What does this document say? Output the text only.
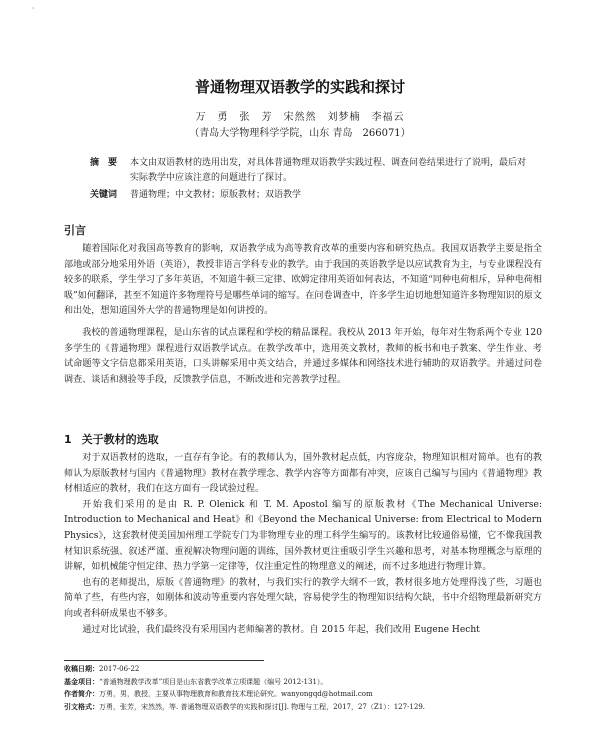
'
普通物理双语教学的实践和探讨
万　勇　张　芳　宋然然　刘梦楠　李福云
（青岛大学物理科学学院，山东 青岛　266071）
摘　要 本文由双语教材的选用出发，对具体普通物理双语教学实践过程、调查问卷结果进行了说明，最后对实际教学中应该注意的问题进行了探讨。
关键词 普通物理；中文教材；原版教材；双语教学
引言

随着国际化对我国高等教育的影响，双语教学成为高等教育改革的重要内容和研究热点。我国双语教学主要是指全部地或部分地采用外语（英语），教授非语言学科专业的教学。由于我国的英语教学是以应试教育为主，与专业课程没有较多的联系，学生学习了多年英语，不知道牛顿三定律、欧姆定律用英语如何表达，不知道“同种电荷相斥，异种电荷相吸”如何翻译，甚至不知道许多物理符号是哪些单词的缩写。在问卷调查中，许多学生迫切地想知道许多物理知识的原文和出处，想知道国外大学的普通物理是如何讲授的。

我校的普通物理课程，是山东省的试点课程和学校的精品课程。我校从 2013 年开始，每年对生物系两个专业 120 多学生的《普通物理》课程进行双语教学试点。在教学改革中，选用英文教材，教师的板书和电子教案、学生作业、考试命题等文字信息都采用英语，口头讲解采用中英文结合，并通过多媒体和网络技术进行辅助的双语教学。并通过问卷调查、谈话和测验等手段，反馈教学信息，不断改进和完善教学过程。

1 关于教材的选取

对于双语教材的选取，一直存有争论。有的教师认为，国外教材起点低，内容庞杂，物理知识相对简单。也有的教师认为原版教材与国内《普通物理》教材在教学理念、教学内容等方面都有冲突，应该自己编写与国内《普通物理》教材相适应的教材，我们在这方面有一段试验过程。

开始我们采用的是由 R. P. Olenick 和 T. M. Apostol 编写的原版教材《The Mechanical Universe: Introduction to Mechanical and Heat》和《Beyond the Mechanical Universe: from Electrical to Modern Physics》，这套教材使美国加州理工学院专门为非物理专业的理工科学生编写的。该教材比较通俗易懂，它不像我国教材知识系统强、叙述严谨、重视解决物理问题的训练，国外教材更注重吸引学生兴趣和思考，对基本物理概念与原理的讲解，如机械能守恒定律、热力学第一定律等，仅注重定性的物理意义的阐述，而不过多地进行物理计算。

也有的老师提出，原版《普通物理》的教材，与我们实行的教学大纲不一致，教材很多地方处理得浅了些，习题也简单了些，有些内容，如刚体和波动等重要内容处理欠缺，容易使学生的物理知识结构欠缺，书中介绍物理最新研究方向或者科研成果也不够多。

通过对比试验，我们最终没有采用国内老师编著的教材。自 2015 年起，我们改用 Eugene Hecht

收稿日期：2017-06-22
基金项目：“普通物理教学改革”项目是山东省教学改革立项课题（编号 2012-131）。
作者简介：万勇，男，教授，主要从事物理教育和教育技术理论研究。wanyongqd@hotmail.com
引文格式：万勇，张芳，宋然然，等. 普通物理双语教学的实践和探讨[J]. 物理与工程，2017，27（Z1）：127-129.
